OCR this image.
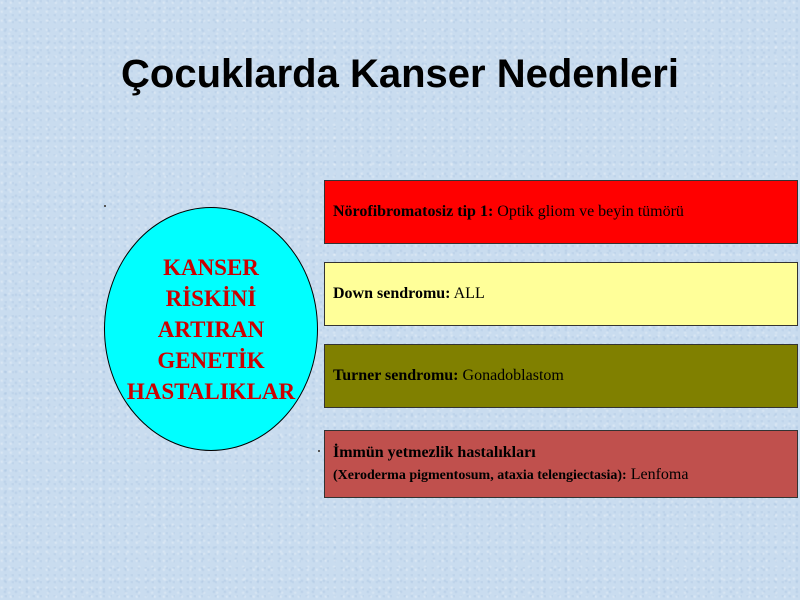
Çocuklarda Kanser Nedenleri
KANSER
RİSKİNİ
ARTIRAN
GENETİK
HASTALIKLAR
Nörofibromatosiz tip 1: Optik gliom ve beyin tümörü
Down sendromu: ALL
Turner sendromu: Gonadoblastom
İmmün yetmezlik hastalıkları
(Xeroderma pigmentosum, ataxia telengiectasia): Lenfoma
